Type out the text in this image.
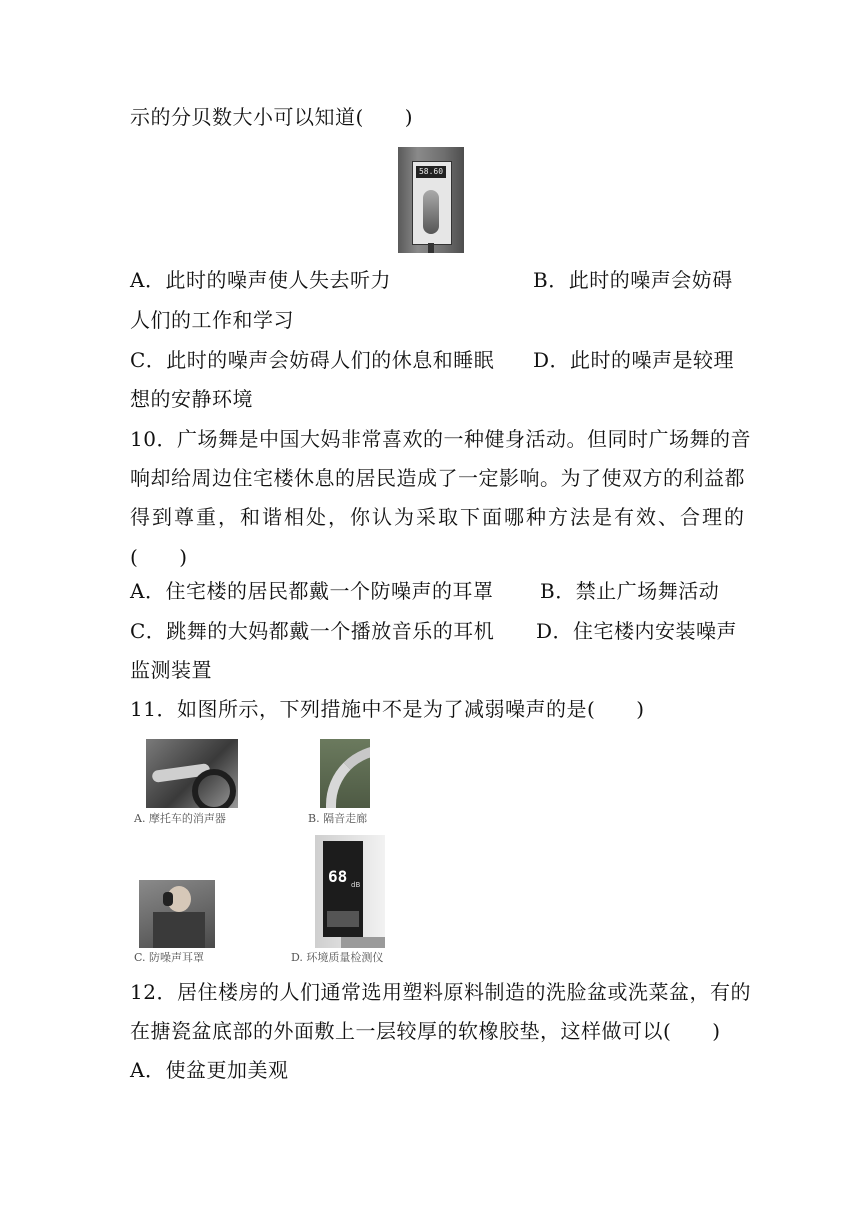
示的分贝数大小可以知道(　　)
58.60
A．此时的噪声使人失去听力	B．此时的噪声会妨碍
人们的工作和学习
C．此时的噪声会妨碍人们的休息和睡眠 D．此时的噪声是较理
想的安静环境
10．广场舞是中国大妈非常喜欢的一种健身活动。但同时广场舞的音
响却给周边住宅楼休息的居民造成了一定影响。为了使双方的利益都
得到尊重，和谐相处，你认为采取下面哪种方法是有效、合理的
(　　)
A．住宅楼的居民都戴一个防噪声的耳罩 B．禁止广场舞活动
C．跳舞的大妈都戴一个播放音乐的耳机 D．住宅楼内安装噪声
监测装置
11．如图所示，下列措施中不是为了减弱噪声的是(　　)
A. 摩托车的消声器	B. 隔音走廊
C. 防噪声耳罩
68 dB
D. 环境质量检测仪
12．居住楼房的人们通常选用塑料原料制造的洗脸盆或洗菜盆，有的
在搪瓷盆底部的外面敷上一层较厚的软橡胶垫，这样做可以(　　)
A．使盆更加美观
